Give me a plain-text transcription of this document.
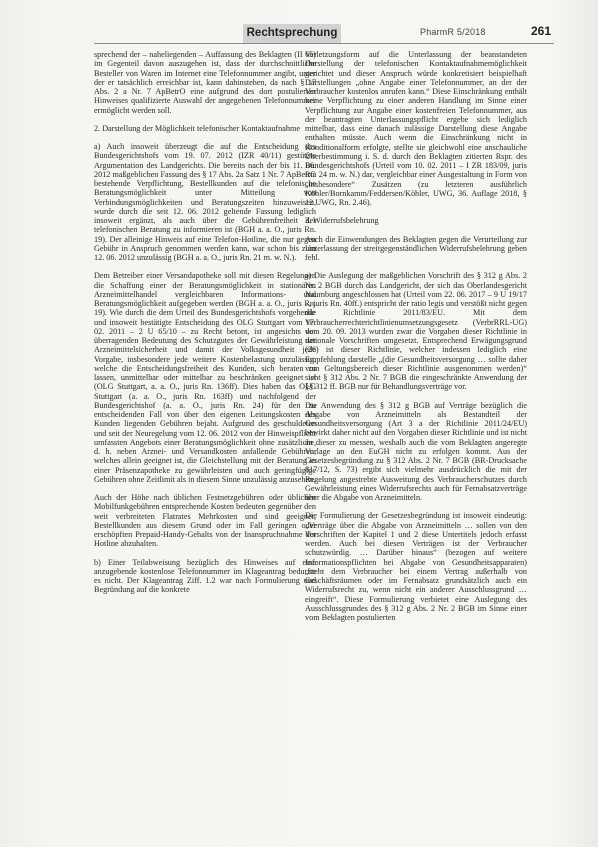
Rechtsprechung	PharmR 5/2018	261

sprechend der – naheliegenden – Auffassung des Beklagten (II 65) im Gegenteil davon auszugehen ist, dass der durchschnittliche Besteller von Waren im Internet eine Telefonnummer angibt, unter der er tatsächlich erreichbar ist, kann dahinstehen, da nach § 17 Abs. 2 a Nr. 7 ApBetrO eine aufgrund des dort postulierten Hinweises qualifizierte Auswahl der angegebenen Telefonnummer ermöglicht werden soll.

2. Darstellung der Möglichkeit telefonischer Kontaktaufnahme

a) Auch insoweit überzeugt die auf die Entscheidung des Bundesgerichtshofs vom 19. 07. 2012 (IZR 40/11) gestützte Argumentation des Landgerichts. Die bereits nach der bis 11. 06. 2012 maßgeblichen Fassung des § 17 Abs. 2a Satz 1 Nr. 7 ApBetrO bestehende Verpflichtung, Bestellkunden auf die telefonische Beratungsmöglichkeit unter Mitteilung von Verbindungsmöglichkeiten und Beratungszeiten hinzuweisen, wurde durch die seit 12. 06. 2012 geltende Fassung lediglich insoweit ergänzt, als auch über die Gebührenfreiheit der telefonischen Beratung zu informieren ist (BGH a. a. O., juris Rn. 19). Der alleinige Hinweis auf eine Telefon-Hotline, die nur gegen Gebühr in Anspruch genommen werden kann, war schon bis zum 12. 06. 2012 unzulässig (BGH a. a. O., juris Rn. 21 m. w. N.).

Dem Betreiber einer Versandapotheke soll mit diesen Regelungen die Schaffung einer der Beratungsmöglichkeit in stationären Arzneimittelhandel vergleichbaren Informations- und Beratungsmöglichkeit aufgegeben werden (BGH a. a. O., juris Rn. 19). Wie durch die dem Urteil des Bundesgerichtshofs vorgehende und insoweit bestätigte Entscheidung des OLG Stuttgart vom 17. 02. 2011 – 2 U 65/10 – zu Recht betont, ist angesichts der überragenden Bedeutung des Schutzgutes der Gewährleistung der Arzneimittelsicherheit und damit der Volksgesundheit jede Vorgabe, insbesondere jede weitere Kostenbelastung unzulässig, welche die Entscheidungsfreiheit des Kunden, sich beraten zu lassen, unmittelbar oder mittelbar zu beschränken geeignet ist (OLG Stuttgart, a. a. O., juris Rn. 136ff). Dies haben das OLG Stuttgart (a. a. O., juris Rn. 163ff) und nachfolgend der Bundesgerichtshof (a. a. O., juris Rn. 24) für den zu entscheidenden Fall von über den eigenen Leitungskosten des Kunden liegenden Gebühren bejaht. Aufgrund des geschuldeten und seit der Neuregelung vom 12. 06. 2012 von der Hinweispflicht umfassten Angebots einer Beratungsmöglichkeit ohne zusätzliche, d. h. neben Arznei- und Versandkosten anfallende Gebühren, welches allein geeignet ist, die Gleichstellung mit der Beratung in einer Präsenzapotheke zu gewährleisten und auch geringfügige Gebühren ohne Zeitlimit als in diesem Sinne unzulässig anzusehen.

Auch der Höhe nach üblichen Festnetzgebühren oder üblichen Mobilfunkgebühren entsprechende Kosten bedeuten gegenüber den weit verbreiteten Flatrates Mehrkosten und sind geeignet, Bestellkunden aus diesem Grund oder im Fall geringen oder erschöpften Prepaid-Handy-Gehalts von der Inanspruchnahme der Hotline abzuhalten.

b) Einer Teilabweisung bezüglich des Hinweises auf eine anzugebende kostenlose Telefonnummer im Klageantrag bedurfte es nicht. Der Klageantrag Ziff. 1.2 war nach Formulierung und Begründung auf die konkrete

Verletzungsform auf die Unterlassung der beanstandeten Darstellung der telefonischen Kontaktaufnahmemöglichkeit gerichtet und dieser Anspruch würde konkretisiert beispielhaft Darstellungen „ohne Angabe einer Telefonnummer, an der der Verbraucher kostenlos anrufen kann.“ Diese Einschränkung enthält keine Verpflichtung zu einer anderen Handlung im Sinne einer Verpflichtung zur Angabe einer kostenfreien Telefonnummer, aus der beantragten Unterlassungspflicht ergebe sich lediglich mittelbar, dass eine danach zulässige Darstellung diese Angabe enthalten müsste. Auch wenn die Einschränkung nicht in Konditionalform erfolgte, stellte sie gleichwohl eine anschauliche Überbestimmung i. S. d. durch den Beklagten zitierten Rspr. des Bundesgerichtshofs (Urteil vom 10. 02. 2011 – I ZR 183/09, juris Rn. 24 m. w. N.) dar, vergleichbar einer Ausgestaltung in Form von „insbesondere“ Zusätzen (zu letzteren ausführlich Köhler/Bornkamm/Feddersen/Köhler, UWG, 36. Auflage 2018, § 12 UWG, Rn. 2.46).

3. Widerrufsbelehrung

Auch die Einwendungen des Beklagten gegen die Verurteilung zur Unterlassung der streitgegenständlichen Widerrufsbelehrung geben fehl.

a) Die Auslegung der maßgeblichen Vorschrift des § 312 g Abs. 2 Nr. 2 BGB durch das Landgericht, der sich das Oberlandesgericht Naumburg angeschlossen hat (Urteil vom 22. 06. 2017 – 9 U 19/17 –, juris Rn. 40ff.) entspricht der ratio legis und verstößt nicht gegen die Richtlinie 2011/83/EU. Mit dem Verbraucherrechterichtlinienumsetzungsgesetz (VerbrRRL-UG) vom 20. 09. 2013 wurden zwar die Vorgaben dieser Richtlinie in nationale Vorschriften umgesetzt. Entsprechend Erwägungsgrund (26) ist dieser Richtlinie, welcher indessen lediglich eine Empfehlung darstelle „(die Gesundheitsversorgung … sollte daher vom Geltungsbereich dieser Richtlinie ausgenommen werden)“ sieht § 312 Abs. 2 Nr. 7 BGB die eingeschränkte Anwendung der §§ 312 ff. BGB nur für Behandlungsverträge vor.

Die Anwendung des § 312 g BGB auf Verträge bezüglich die Abgabe von Arzneimitteln als Bestandteil der Gesundheitsversorgung (Art 3 a der Richtlinie 2011/24/EU) bewirkt daher nicht auf den Vorgaben dieser Richtlinie und ist nicht an dieser zu messen, weshalb auch die vom Beklagten angeregte Vorlage an den EuGH nicht zu erfolgen kommt. Aus der Gesetzesbegründung zu § 312 Abs. 2 Nr. 7 BGB (BR-Drucksache 817/12, S. 73) ergibt sich vielmehr ausdrücklich die mit der Regelung angestrebte Ausweitung des Verbraucherschutzes durch Gewährleistung eines Widerrufsrechts auch für Fernabsatzverträge über die Abgabe von Arzneimitteln.

Die Formulierung der Gesetzesbegründung ist insoweit eindeutig: „Verträge über die Abgabe von Arzneimitteln … sollen von den Vorschriften der Kapitel 1 und 2 diese Untertitels jedoch erfasst werden. Auch bei diesen Verträgen ist der Verbraucher schutzwürdig. … Darüber hinaus“ (bezogen auf weitere Informationspflichten bei Abgabe von Gesundheitsapparaten) „steht dem Verbraucher bei einem Vertrag außerhalb von Geschäftsräumen oder im Fernabsatz grundsätzlich auch ein Widerrufsrecht zu, wenn nicht ein anderer Ausschlussgrund … eingreift“. Diese Formulierung verbietet eine Auslegung des Ausschlussgrundes des § 312 g Abs. 2 Nr. 2 BGB im Sinne einer vom Beklagten postulierten
